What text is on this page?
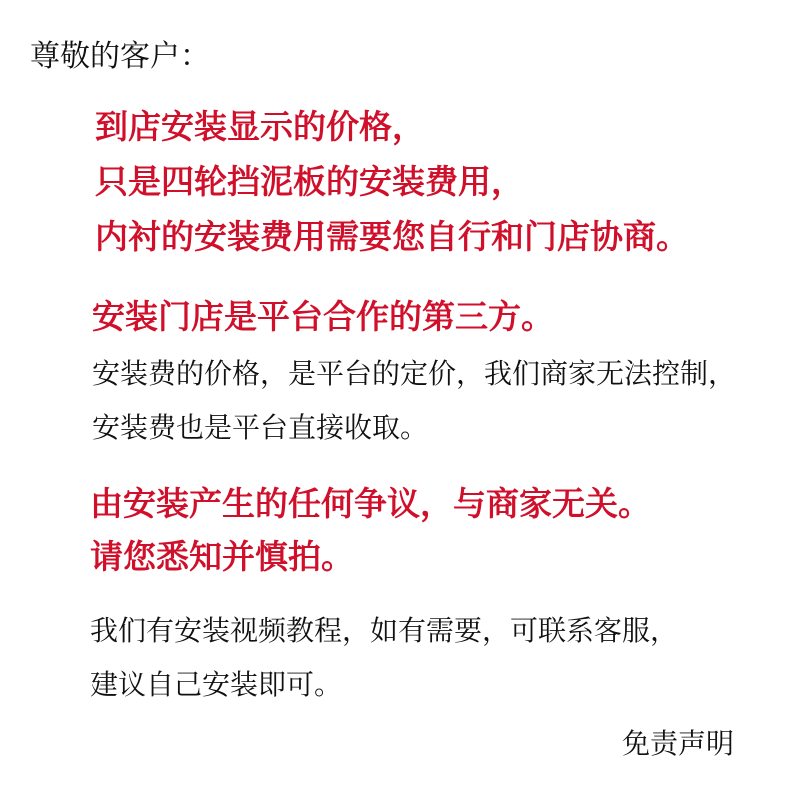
尊敬的客户：
到店安装显示的价格，
只是四轮挡泥板的安装费用，
内衬的安装费用需要您自行和门店协商。
安装门店是平台合作的第三方。
安装费的价格，是平台的定价，我们商家无法控制，
安装费也是平台直接收取。
由安装产生的任何争议，与商家无关。
请您悉知并慎拍。
我们有安装视频教程，如有需要，可联系客服，
建议自己安装即可。
免责声明
